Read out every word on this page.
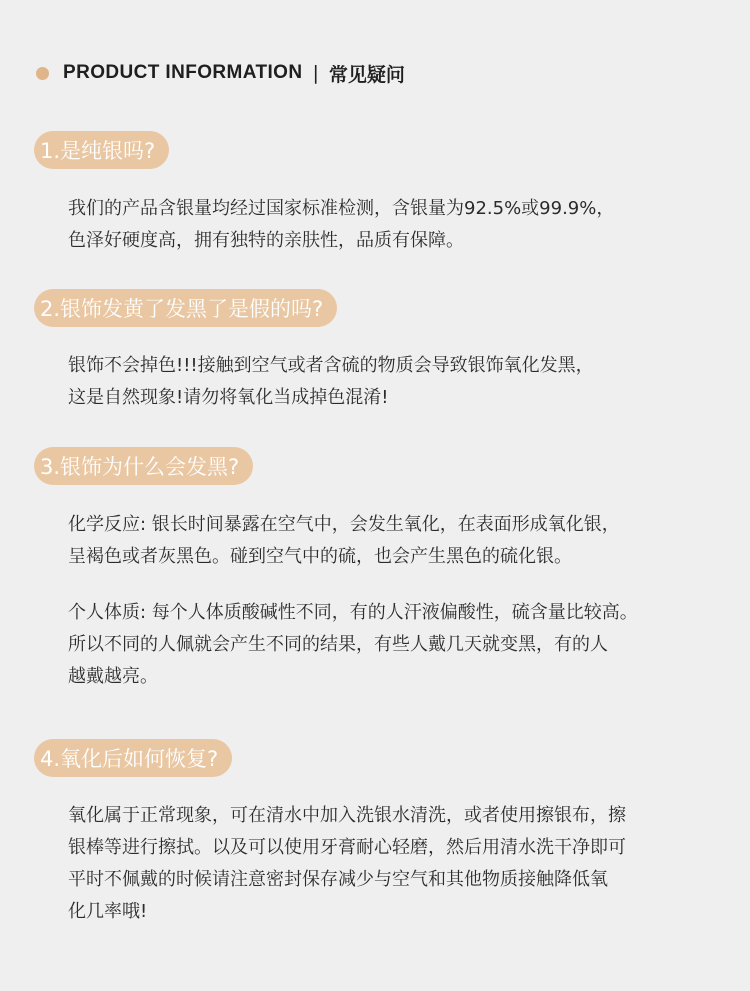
PRODUCT INFORMATION | 常见疑问
1.是纯银吗?
我们的产品含银量均经过国家标准检测，含银量为92.5%或99.9%，
色泽好硬度高，拥有独特的亲肤性，品质有保障。
2.银饰发黄了发黑了是假的吗?
银饰不会掉色!!!接触到空气或者含硫的物质会导致银饰氧化发黑，
这是自然现象!请勿将氧化当成掉色混淆!
3.银饰为什么会发黑?
化学反应: 银长时间暴露在空气中，会发生氧化，在表面形成氧化银，
呈褐色或者灰黑色。碰到空气中的硫，也会产生黑色的硫化银。
个人体质: 每个人体质酸碱性不同，有的人汗液偏酸性，硫含量比较高。
所以不同的人佩就会产生不同的结果，有些人戴几天就变黑，有的人
越戴越亮。
4.氧化后如何恢复?
氧化属于正常现象，可在清水中加入洗银水清洗，或者使用擦银布，擦
银棒等进行擦拭。以及可以使用牙膏耐心轻磨，然后用清水洗干净即可
平时不佩戴的时候请注意密封保存减少与空气和其他物质接触降低氧
化几率哦!
